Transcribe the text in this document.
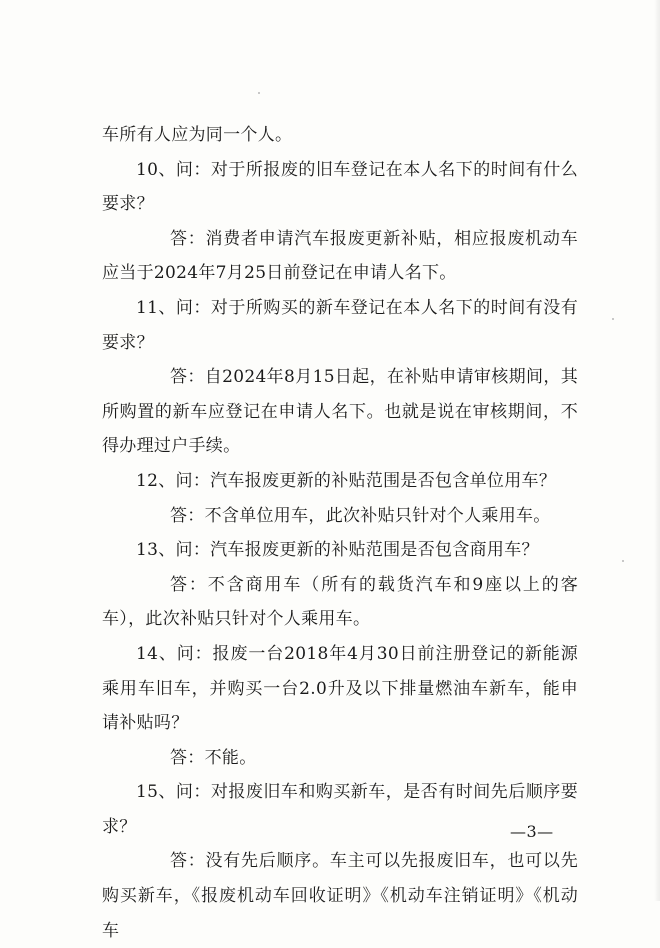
车所有人应为同一个人。

10、问：对于所报废的旧车登记在本人名下的时间有什么要求？

答：消费者申请汽车报废更新补贴，相应报废机动车应当于2024年7月25日前登记在申请人名下。

11、问：对于所购买的新车登记在本人名下的时间有没有要求？

答：自2024年8月15日起，在补贴申请审核期间，其所购置的新车应登记在申请人名下。也就是说在审核期间，不得办理过户手续。

12、问：汽车报废更新的补贴范围是否包含单位用车？

答：不含单位用车，此次补贴只针对个人乘用车。

13、问：汽车报废更新的补贴范围是否包含商用车？

答：不含商用车（所有的载货汽车和9座以上的客车），此次补贴只针对个人乘用车。

14、问：报废一台2018年4月30日前注册登记的新能源乘用车旧车，并购买一台2.0升及以下排量燃油车新车，能申请补贴吗？

答：不能。

15、问：对报废旧车和购买新车，是否有时间先后顺序要求？

答：没有先后顺序。车主可以先报废旧车，也可以先购买新车，《报废机动车回收证明》《机动车注销证明》《机动车

—3—
